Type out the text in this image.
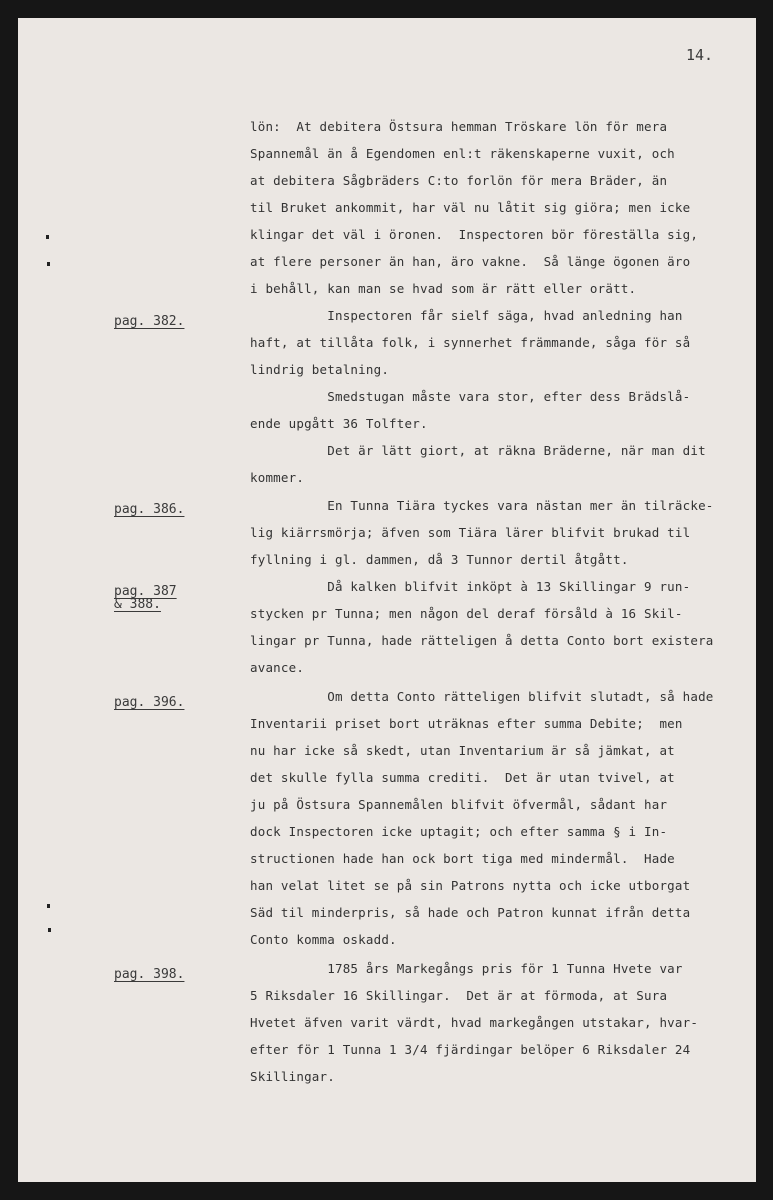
14.
pag. 382.
pag. 386.
pag. 387
& 388.
pag. 396.
pag. 398.
lön:  At debitera Östsura hemman Tröskare lön för mera
Spannemål än å Egendomen enl:t räkenskaperne vuxit, och
at debitera Sågbräders C:to forlön för mera Bräder, än
til Bruket ankommit, har väl nu låtit sig giöra; men icke
klingar det väl i öronen.  Inspectoren bör föreställa sig,
at flere personer än han, äro vakne.  Så länge ögonen äro
i behåll, kan man se hvad som är rätt eller orätt.
Inspectoren får sielf säga, hvad anledning han
haft, at tillåta folk, i synnerhet främmande, såga för så
lindrig betalning.
Smedstugan måste vara stor, efter dess Brädslå-
ende upgått 36 Tolfter.
Det är lätt giort, at räkna Bräderne, när man dit
kommer.
En Tunna Tiära tyckes vara nästan mer än tilräcke-
lig kiärrsmörja; äfven som Tiära lärer blifvit brukad til
fyllning i gl. dammen, då 3 Tunnor dertil åtgått.
Då kalken blifvit inköpt à 13 Skillingar 9 run-
stycken pr Tunna; men någon del deraf försåld à 16 Skil-
lingar pr Tunna, hade rätteligen å detta Conto bort existera
avance.
Om detta Conto rätteligen blifvit slutadt, så hade
Inventarii priset bort uträknas efter summa Debite;  men
nu har icke så skedt, utan Inventarium är så jämkat, at
det skulle fylla summa crediti.  Det är utan tvivel, at
ju på Östsura Spannemålen blifvit öfvermål, sådant har
dock Inspectoren icke uptagit; och efter samma § i In-
structionen hade han ock bort tiga med mindermål.  Hade
han velat litet se på sin Patrons nytta och icke utborgat
Säd til minderpris, så hade och Patron kunnat ifrån detta
Conto komma oskadd.
1785 års Markegångs pris för 1 Tunna Hvete var
5 Riksdaler 16 Skillingar.  Det är at förmoda, at Sura
Hvetet äfven varit värdt, hvad markegången utstakar, hvar-
efter för 1 Tunna 1 3/4 fjärdingar belöper 6 Riksdaler 24
Skillingar.
